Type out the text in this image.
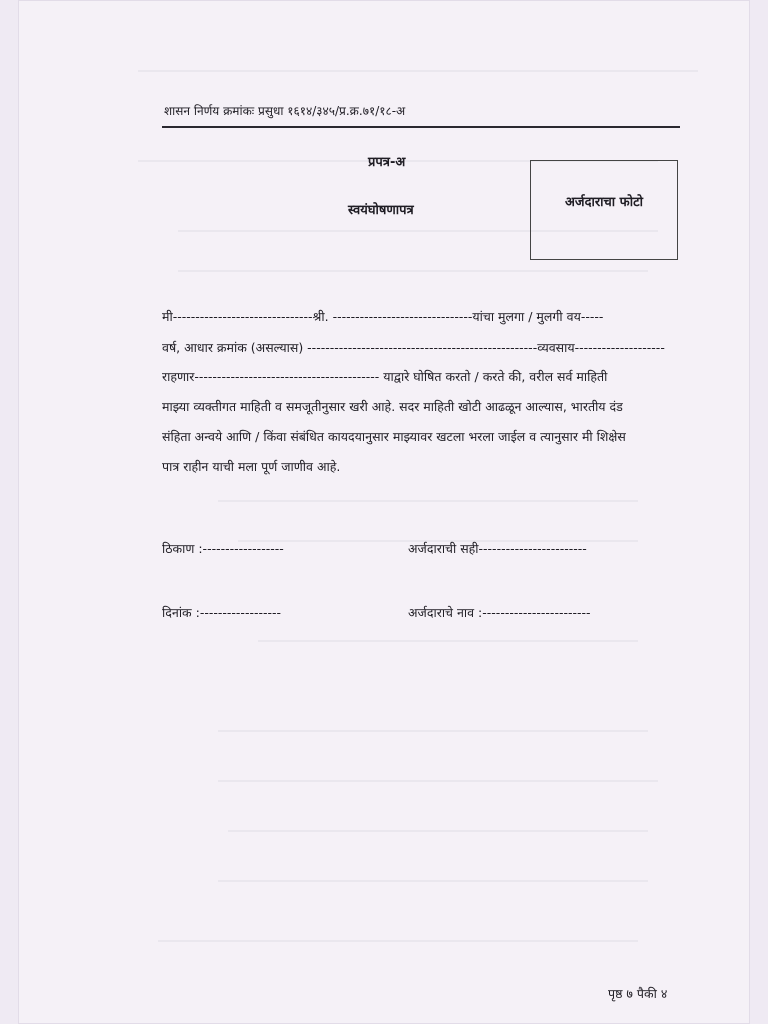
शासन निर्णय क्रमांकः प्रसुधा १६१४/३४५/प्र.क्र.७१/१८-अ
प्रपत्र-अ
स्वयंघोषणापत्र
अर्जदाराचा फोटो
मी-------------------------------श्री. -------------------------------यांचा मुलगा / मुलगी वय-----
वर्ष, आधार क्रमांक (असल्यास) ---------------------------------------------------व्यवसाय--------------------
राहणार----------------------------------------- याद्वारे घोषित करतो / करते की, वरील सर्व माहिती
माझ्या व्यक्तीगत माहिती व समजूतीनुसार खरी आहे. सदर माहिती खोटी आढळून आल्यास, भारतीय दंड
संहिता अन्वये आणि / किंवा संबंधित कायदयानुसार माझ्यावर खटला भरला जाईल व त्यानुसार मी शिक्षेस
पात्र राहीन याची मला पूर्ण जाणीव आहे.
ठिकाण :------------------	अर्जदाराची सही------------------------
दिनांक :------------------	अर्जदाराचे नाव :------------------------
पृष्ठ ७ पैकी ४
